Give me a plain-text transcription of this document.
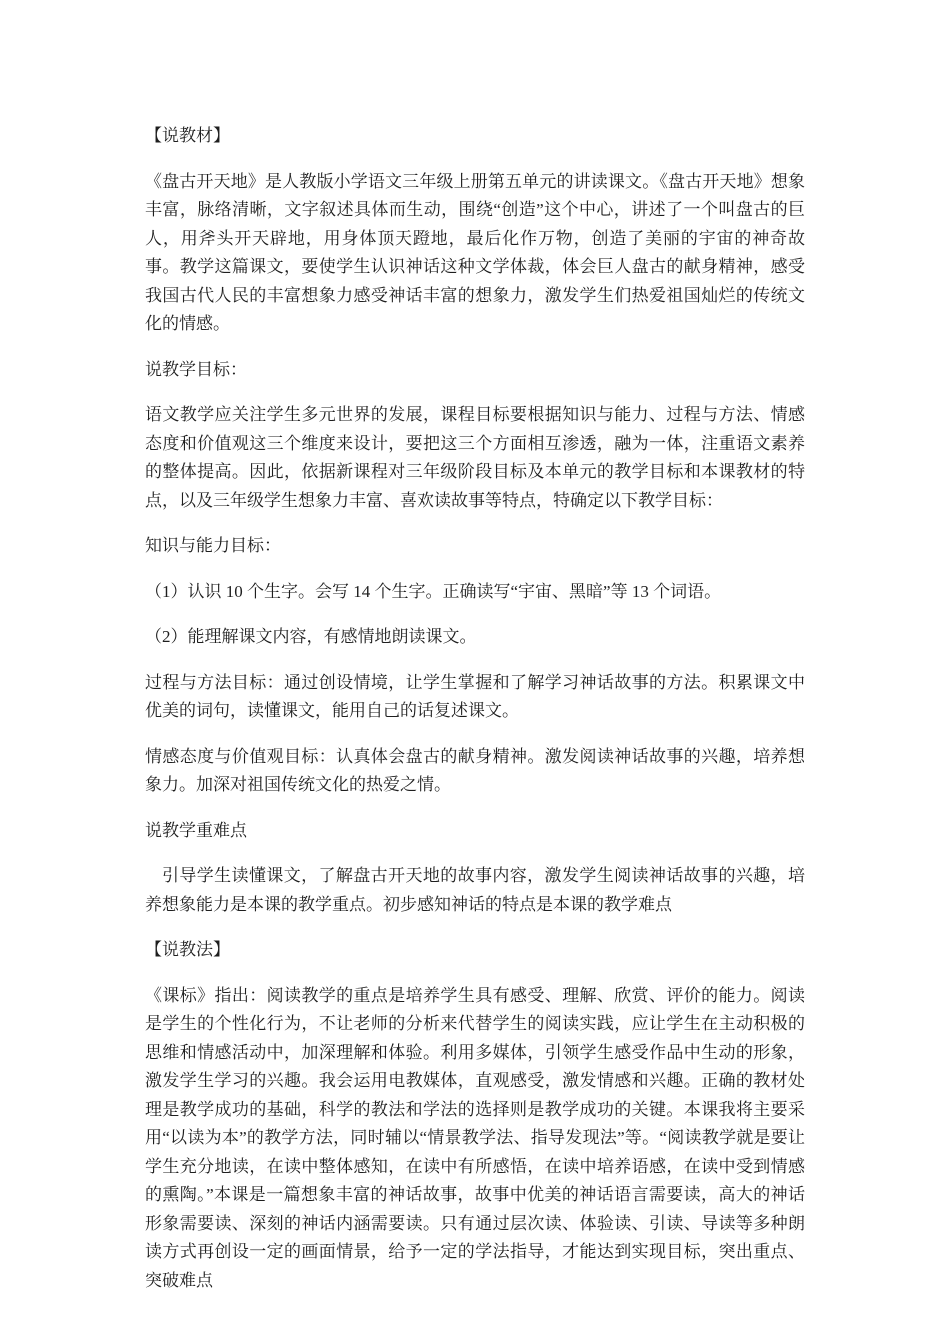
【说教材】

《盘古开天地》是人教版小学语文三年级上册第五单元的讲读课文。《盘古开天地》想象丰富，脉络清晰，文字叙述具体而生动，围绕“创造”这个中心，讲述了一个叫盘古的巨人，用斧头开天辟地，用身体顶天蹬地，最后化作万物，创造了美丽的宇宙的神奇故事。教学这篇课文，要使学生认识神话这种文学体裁，体会巨人盘古的献身精神，感受我国古代人民的丰富想象力感受神话丰富的想象力，激发学生们热爱祖国灿烂的传统文化的情感。

说教学目标：

语文教学应关注学生多元世界的发展，课程目标要根据知识与能力、过程与方法、情感态度和价值观这三个维度来设计，要把这三个方面相互渗透，融为一体，注重语文素养的整体提高。因此，依据新课程对三年级阶段目标及本单元的教学目标和本课教材的特点，以及三年级学生想象力丰富、喜欢读故事等特点，特确定以下教学目标：

知识与能力目标：

（1）认识 10 个生字。会写 14 个生字。正确读写“宇宙、黑暗”等 13 个词语。

（2）能理解课文内容，有感情地朗读课文。

过程与方法目标：通过创设情境，让学生掌握和了解学习神话故事的方法。积累课文中优美的词句，读懂课文，能用自己的话复述课文。

情感态度与价值观目标：认真体会盘古的献身精神。激发阅读神话故事的兴趣，培养想象力。加深对祖国传统文化的热爱之情。

说教学重难点

引导学生读懂课文，了解盘古开天地的故事内容，激发学生阅读神话故事的兴趣，培养想象能力是本课的教学重点。初步感知神话的特点是本课的教学难点

【说教法】

《课标》指出：阅读教学的重点是培养学生具有感受、理解、欣赏、评价的能力。阅读是学生的个性化行为，不让老师的分析来代替学生的阅读实践，应让学生在主动积极的思维和情感活动中，加深理解和体验。利用多媒体，引领学生感受作品中生动的形象，激发学生学习的兴趣。我会运用电教媒体，直观感受，激发情感和兴趣。正确的教材处理是教学成功的基础，科学的教法和学法的选择则是教学成功的关键。本课我将主要采用“以读为本”的教学方法，同时辅以“情景教学法、指导发现法”等。“阅读教学就是要让学生充分地读，在读中整体感知，在读中有所感悟，在读中培养语感，在读中受到情感的熏陶。”本课是一篇想象丰富的神话故事，故事中优美的神话语言需要读，高大的神话形象需要读、深刻的神话内涵需要读。只有通过层次读、体验读、引读、导读等多种朗读方式再创设一定的画面情景，给予一定的学法指导，才能达到实现目标，突出重点、突破难点
